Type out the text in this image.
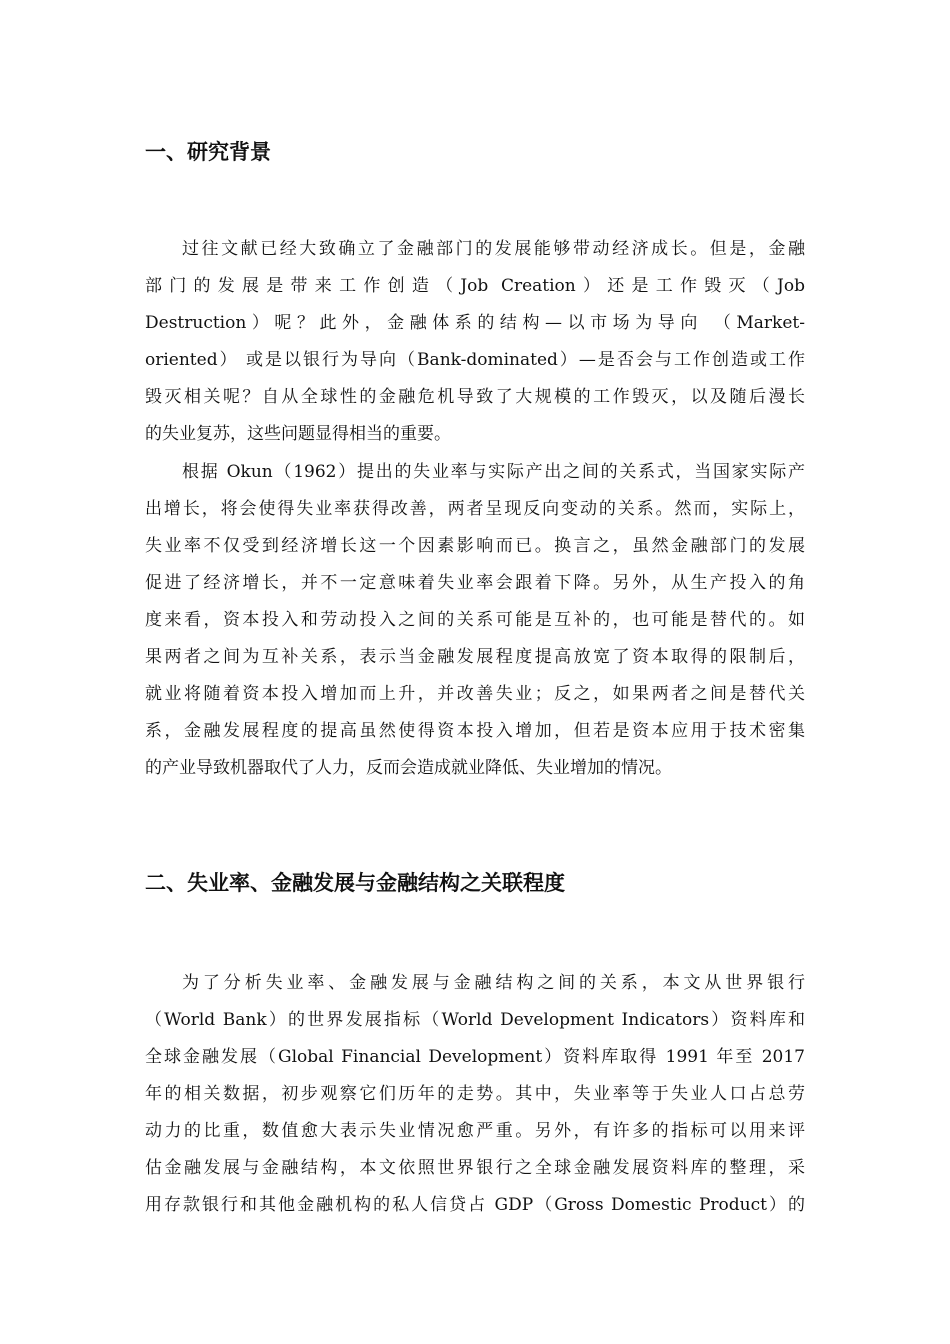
一、研究背景
过往文献已经大致确立了金融部门的发展能够带动经济成长。但是，金融
部门的发展是带来工作创造（Job Creation）还是工作毁灭（Job
Destruction）呢？此外，金融体系的结构—以市场为导向 （Market-
oriented） 或是以银行为导向（Bank-dominated）—是否会与工作创造或工作
毁灭相关呢？自从全球性的金融危机导致了大规模的工作毁灭，以及随后漫长
的失业复苏，这些问题显得相当的重要。
根据 Okun（1962）提出的失业率与实际产出之间的关系式，当国家实际产
出增长，将会使得失业率获得改善，两者呈现反向变动的关系。然而，实际上，
失业率不仅受到经济增长这一个因素影响而已。换言之，虽然金融部门的发展
促进了经济增长，并不一定意味着失业率会跟着下降。另外，从生产投入的角
度来看，资本投入和劳动投入之间的关系可能是互补的，也可能是替代的。如
果两者之间为互补关系，表示当金融发展程度提高放宽了资本取得的限制后，
就业将随着资本投入增加而上升，并改善失业；反之，如果两者之间是替代关
系，金融发展程度的提高虽然使得资本投入增加，但若是资本应用于技术密集
的产业导致机器取代了人力，反而会造成就业降低、失业增加的情况。
二、失业率、金融发展与金融结构之关联程度
为了分析失业率、金融发展与金融结构之间的关系，本文从世界银行
（World Bank）的世界发展指标（World Development Indicators）资料库和
全球金融发展（Global Financial Development）资料库取得 1991 年至 2017
年的相关数据，初步观察它们历年的走势。其中，失业率等于失业人口占总劳
动力的比重，数值愈大表示失业情况愈严重。另外，有许多的指标可以用来评
估金融发展与金融结构，本文依照世界银行之全球金融发展资料库的整理，采
用存款银行和其他金融机构的私人信贷占 GDP（Gross Domestic Product）的
